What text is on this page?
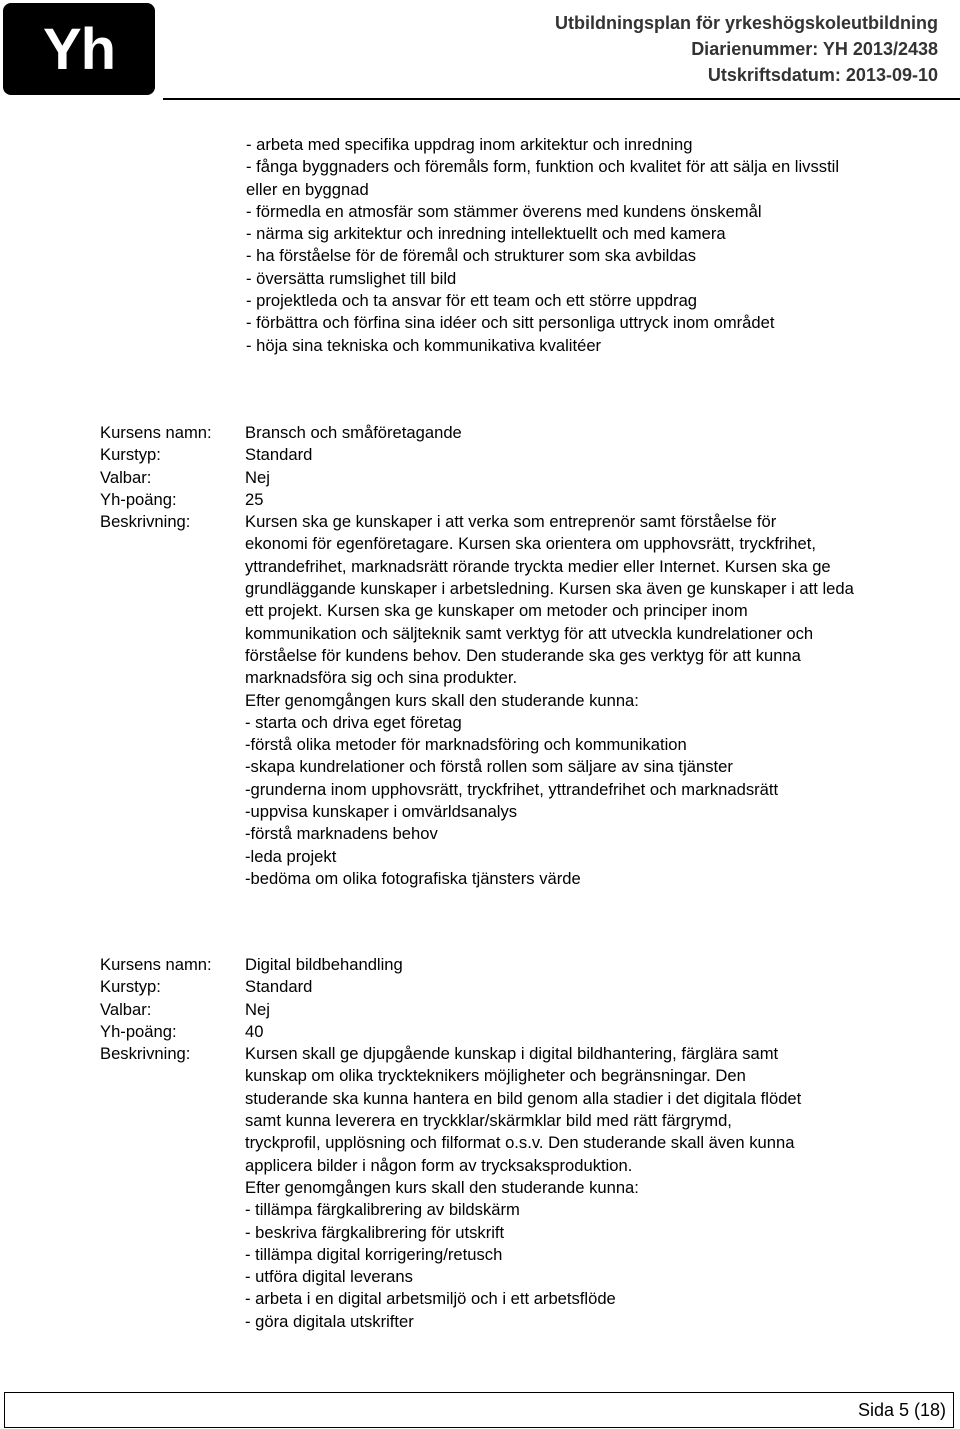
Yh	Utbildningsplan för yrkeshögskoleutbildning
Diarienummer: YH 2013/2438
Utskriftsdatum: 2013-09-10
- arbeta med specifika uppdrag inom arkitektur och inredning
- fånga byggnaders och föremåls form, funktion och kvalitet för att sälja en livsstil
eller en byggnad
- förmedla en atmosfär som stämmer överens med kundens önskemål
- närma sig arkitektur och inredning intellektuellt och med kamera
- ha förståelse för de föremål och strukturer som ska avbildas
- översätta rumslighet till bild
- projektleda och ta ansvar för ett team och ett större uppdrag
- förbättra och förfina sina idéer och sitt personliga uttryck inom området
- höja sina tekniska och kommunikativa kvalitéer
Kursens namn:	Bransch och småföretagande
Kurstyp:	Standard
Valbar:	Nej
Yh-poäng:	25
Beskrivning:	Kursen ska ge kunskaper i att verka som entreprenör samt förståelse för
ekonomi för egenföretagare. Kursen ska orientera om upphovsrätt, tryckfrihet,
yttrandefrihet, marknadsrätt rörande tryckta medier eller Internet. Kursen ska ge
grundläggande kunskaper i arbetsledning. Kursen ska även ge kunskaper i att leda
ett projekt. Kursen ska ge kunskaper om metoder och principer inom
kommunikation och säljteknik samt verktyg för att utveckla kundrelationer och
förståelse för kundens behov. Den studerande ska ges verktyg för att kunna
marknadsföra sig och sina produkter.
Efter genomgången kurs skall den studerande kunna:
- starta och driva eget företag
-förstå olika metoder för marknadsföring och kommunikation
-skapa kundrelationer och förstå rollen som säljare av sina tjänster
-grunderna inom upphovsrätt, tryckfrihet, yttrandefrihet och marknadsrätt
-uppvisa kunskaper i omvärldsanalys
-förstå marknadens behov
-leda projekt
-bedöma om olika fotografiska tjänsters värde
Kursens namn:	Digital bildbehandling
Kurstyp:	Standard
Valbar:	Nej
Yh-poäng:	40
Beskrivning:	Kursen skall ge djupgående kunskap i digital bildhantering, färglära samt
kunskap om olika tryckteknikers möjligheter och begränsningar. Den
studerande ska kunna hantera en bild genom alla stadier i det digitala flödet
samt kunna leverera en tryckklar/skärmklar bild med rätt färgrymd,
tryckprofil, upplösning och filformat o.s.v. Den studerande skall även kunna
applicera bilder i någon form av trycksaksproduktion.
Efter genomgången kurs skall den studerande kunna:
- tillämpa färgkalibrering av bildskärm
- beskriva färgkalibrering för utskrift
- tillämpa digital korrigering/retusch
- utföra digital leverans
- arbeta i en digital arbetsmiljö och i ett arbetsflöde
- göra digitala utskrifter
Sida 5 (18)
